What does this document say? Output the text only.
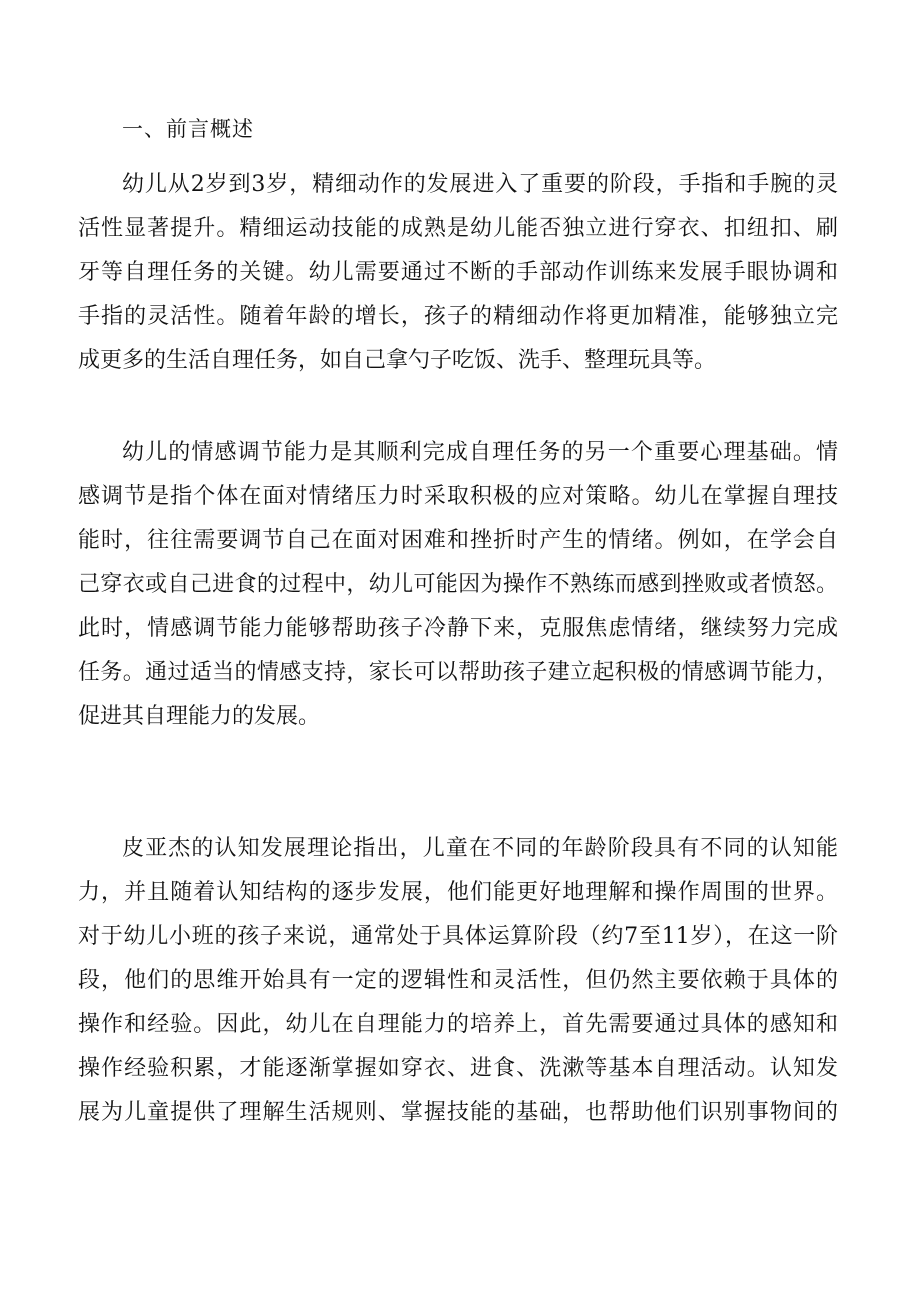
一、前言概述
幼儿从2岁到3岁，精细动作的发展进入了重要的阶段，手指和手腕的灵
活性显著提升。精细运动技能的成熟是幼儿能否独立进行穿衣、扣纽扣、刷
牙等自理任务的关键。幼儿需要通过不断的手部动作训练来发展手眼协调和
手指的灵活性。随着年龄的增长，孩子的精细动作将更加精准，能够独立完
成更多的生活自理任务，如自己拿勺子吃饭、洗手、整理玩具等。
幼儿的情感调节能力是其顺利完成自理任务的另一个重要心理基础。情
感调节是指个体在面对情绪压力时采取积极的应对策略。幼儿在掌握自理技
能时，往往需要调节自己在面对困难和挫折时产生的情绪。例如，在学会自
己穿衣或自己进食的过程中，幼儿可能因为操作不熟练而感到挫败或者愤怒。
此时，情感调节能力能够帮助孩子冷静下来，克服焦虑情绪，继续努力完成
任务。通过适当的情感支持，家长可以帮助孩子建立起积极的情感调节能力，
促进其自理能力的发展。
皮亚杰的认知发展理论指出，儿童在不同的年龄阶段具有不同的认知能
力，并且随着认知结构的逐步发展，他们能更好地理解和操作周围的世界。
对于幼儿小班的孩子来说，通常处于具体运算阶段（约7至11岁），在这一阶
段，他们的思维开始具有一定的逻辑性和灵活性，但仍然主要依赖于具体的
操作和经验。因此，幼儿在自理能力的培养上，首先需要通过具体的感知和
操作经验积累，才能逐渐掌握如穿衣、进食、洗漱等基本自理活动。认知发
展为儿童提供了理解生活规则、掌握技能的基础，也帮助他们识别事物间的
